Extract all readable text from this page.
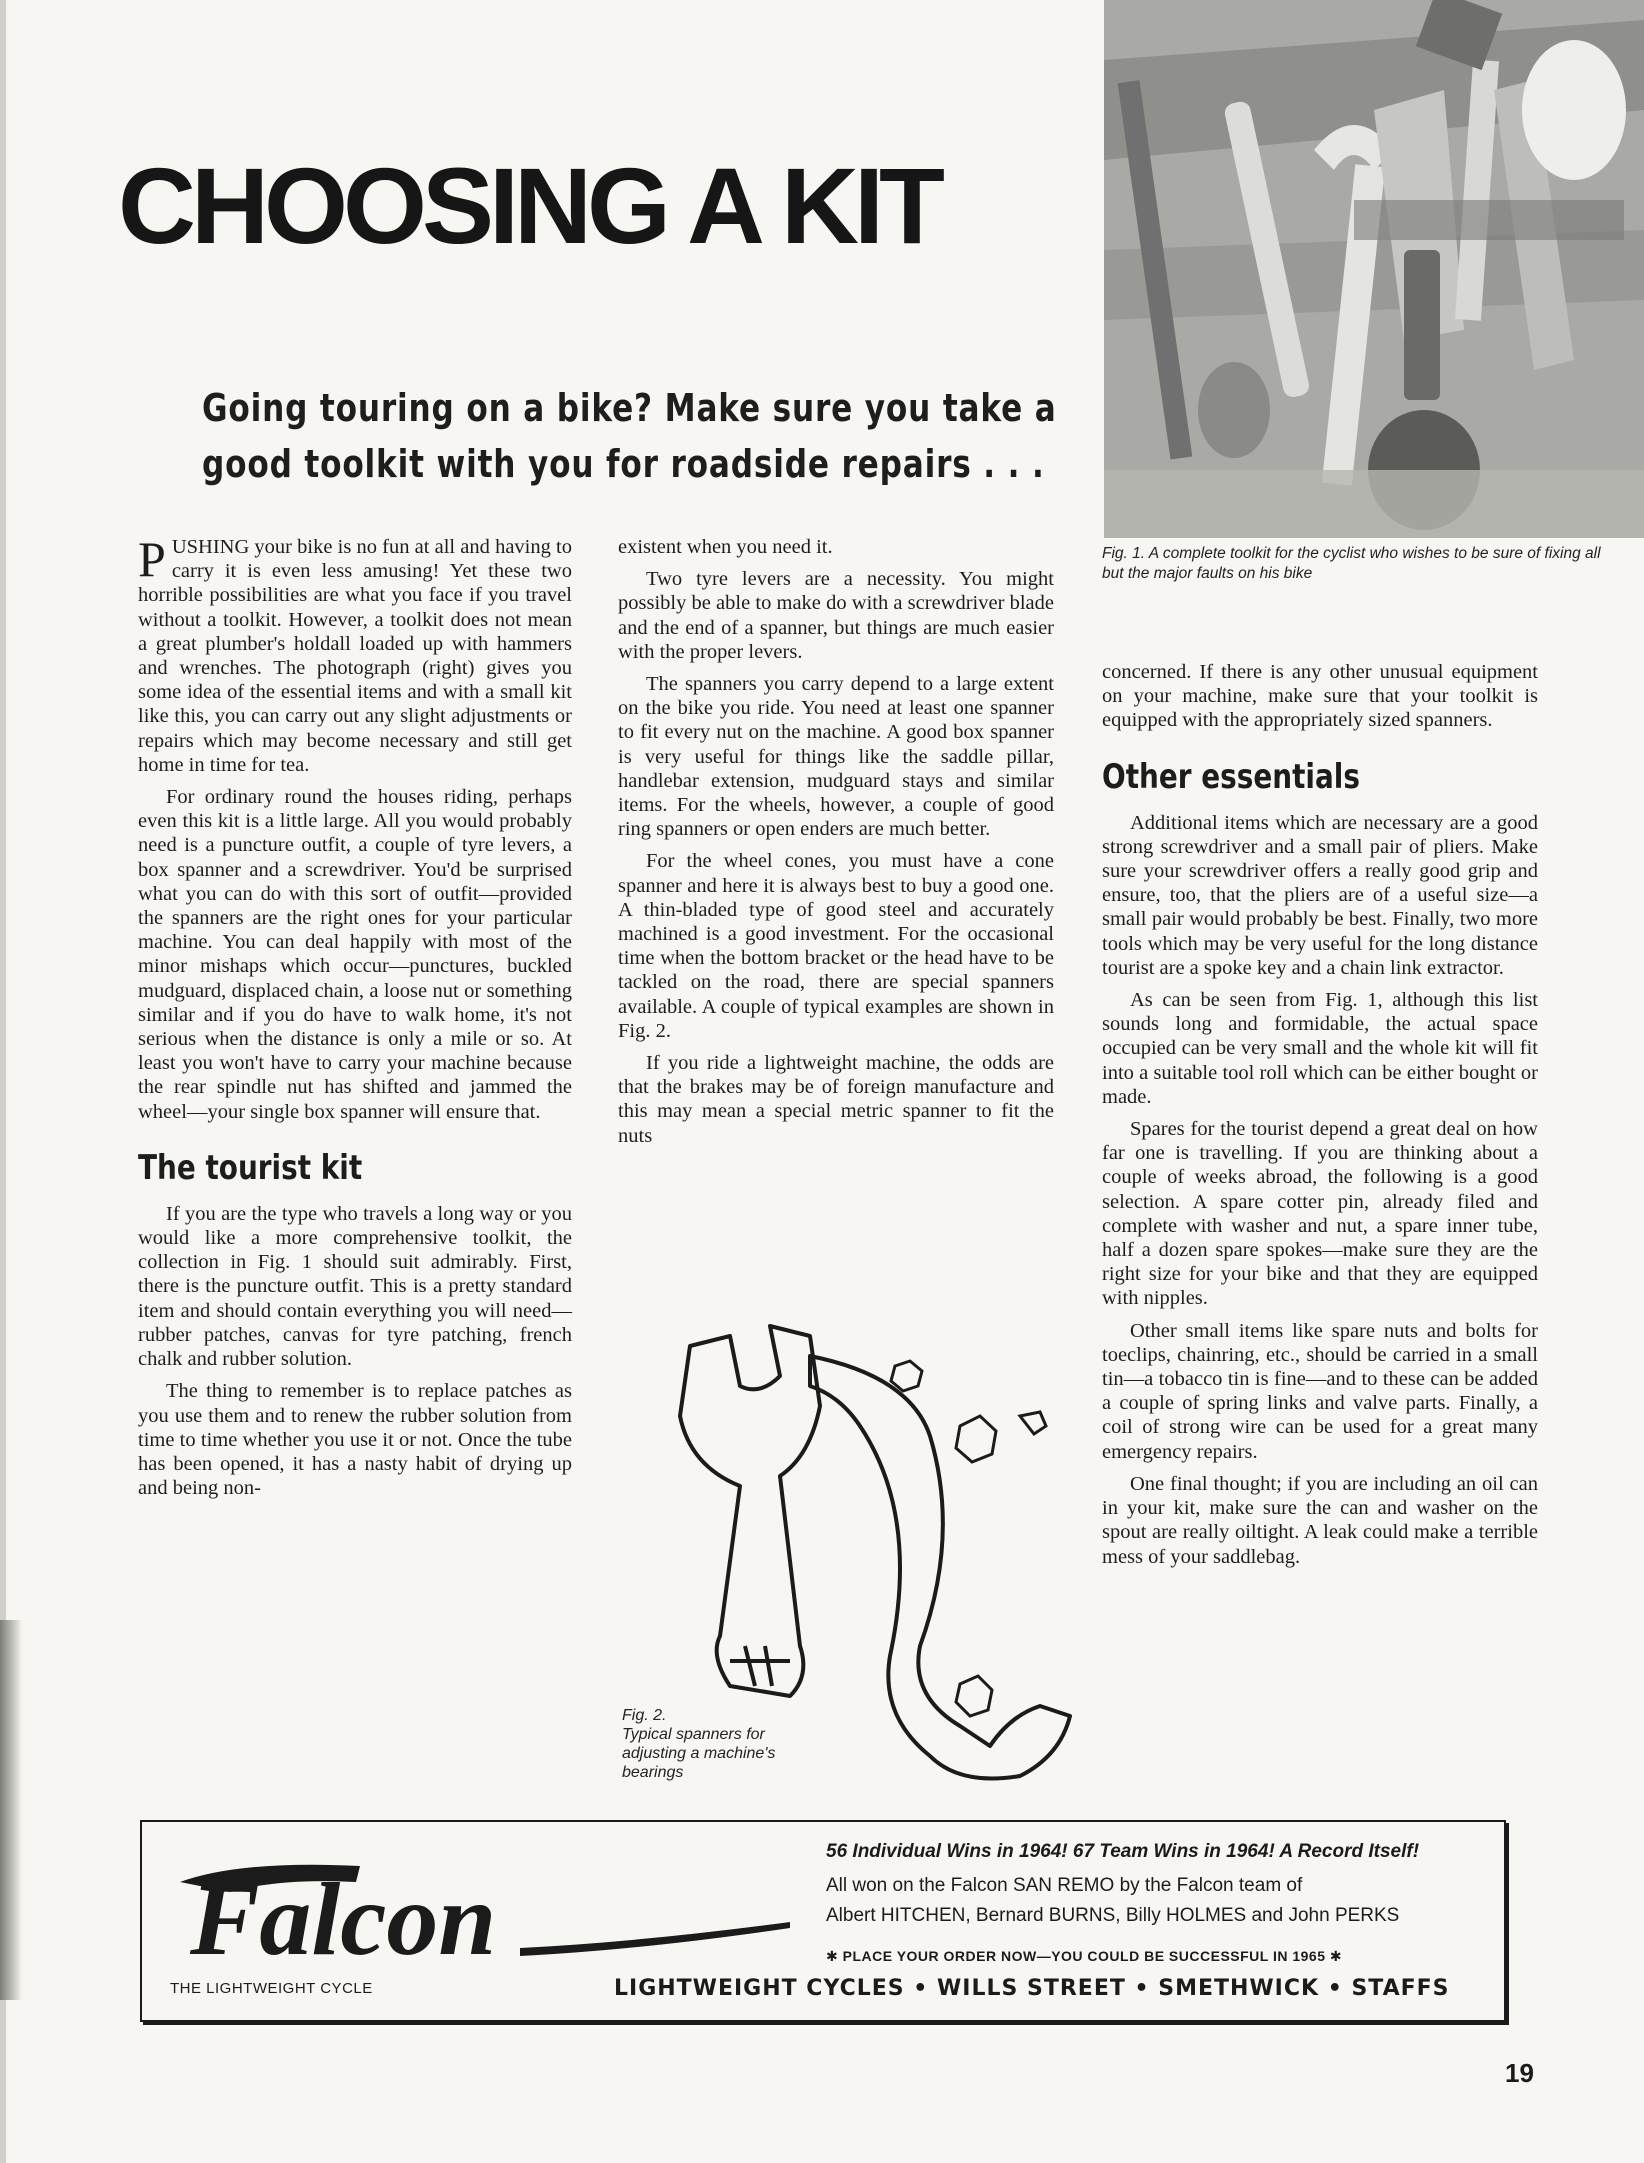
CHOOSING A KIT
Going touring on a bike? Make sure you take a
good toolkit with you for roadside repairs . . .
Fig. 1. A complete toolkit for the cyclist who wishes to be sure of fixing all but the major faults on his bike

PUSHING your bike is no fun at all and having to carry it is even less amusing! Yet these two horrible possibilities are what you face if you travel without a toolkit. However, a toolkit does not mean a great plumber's holdall loaded up with hammers and wrenches. The photograph (right) gives you some idea of the essential items and with a small kit like this, you can carry out any slight adjustments or repairs which may become necessary and still get home in time for tea.

For ordinary round the houses riding, perhaps even this kit is a little large. All you would probably need is a puncture outfit, a couple of tyre levers, a box spanner and a screwdriver. You'd be surprised what you can do with this sort of outfit—provided the spanners are the right ones for your particular machine. You can deal happily with most of the minor mishaps which occur—punctures, buckled mudguard, displaced chain, a loose nut or something similar and if you do have to walk home, it's not serious when the distance is only a mile or so. At least you won't have to carry your machine because the rear spindle nut has shifted and jammed the wheel—your single box spanner will ensure that.

The tourist kit

If you are the type who travels a long way or you would like a more comprehensive toolkit, the collection in Fig. 1 should suit admirably. First, there is the puncture outfit. This is a pretty standard item and should contain everything you will need—rubber patches, canvas for tyre patching, french chalk and rubber solution.

The thing to remember is to replace patches as you use them and to renew the rubber solution from time to time whether you use it or not. Once the tube has been opened, it has a nasty habit of drying up and being non-

existent when you need it.

Two tyre levers are a necessity. You might possibly be able to make do with a screwdriver blade and the end of a spanner, but things are much easier with the proper levers.

The spanners you carry depend to a large extent on the bike you ride. You need at least one spanner to fit every nut on the machine. A good box spanner is very useful for things like the saddle pillar, handlebar extension, mudguard stays and similar items. For the wheels, however, a couple of good ring spanners or open enders are much better.

For the wheel cones, you must have a cone spanner and here it is always best to buy a good one. A thin-bladed type of good steel and accurately machined is a good investment. For the occasional time when the bottom bracket or the head have to be tackled on the road, there are special spanners available. A couple of typical examples are shown in Fig. 2.

If you ride a lightweight machine, the odds are that the brakes may be of foreign manufacture and this may mean a special metric spanner to fit the nuts

Fig. 2.
Typical spanners for
adjusting a machine's
bearings

concerned. If there is any other unusual equipment on your machine, make sure that your toolkit is equipped with the appropriately sized spanners.

Other essentials

Additional items which are necessary are a good strong screwdriver and a small pair of pliers. Make sure your screwdriver offers a really good grip and ensure, too, that the pliers are of a useful size—a small pair would probably be best. Finally, two more tools which may be very useful for the long distance tourist are a spoke key and a chain link extractor.

As can be seen from Fig. 1, although this list sounds long and formidable, the actual space occupied can be very small and the whole kit will fit into a suitable tool roll which can be either bought or made.

Spares for the tourist depend a great deal on how far one is travelling. If you are thinking about a couple of weeks abroad, the following is a good selection. A spare cotter pin, already filed and complete with washer and nut, a spare inner tube, half a dozen spare spokes—make sure they are the right size for your bike and that they are equipped with nipples.

Other small items like spare nuts and bolts for toeclips, chainring, etc., should be carried in a small tin—a tobacco tin is fine—and to these can be added a couple of spring links and valve parts. Finally, a coil of strong wire can be used for a great many emergency repairs.

One final thought; if you are including an oil can in your kit, make sure the can and washer on the spout are really oiltight. A leak could make a terrible mess of your saddlebag.

Falcon
THE LIGHTWEIGHT CYCLE
56 Individual Wins in 1964! 67 Team Wins in 1964! A Record Itself!
All won on the Falcon SAN REMO by the Falcon team of
Albert HITCHEN, Bernard BURNS, Billy HOLMES and John PERKS
✱ PLACE YOUR ORDER NOW—YOU COULD BE SUCCESSFUL IN 1965 ✱
LIGHTWEIGHT CYCLES • WILLS STREET • SMETHWICK • STAFFS
19
